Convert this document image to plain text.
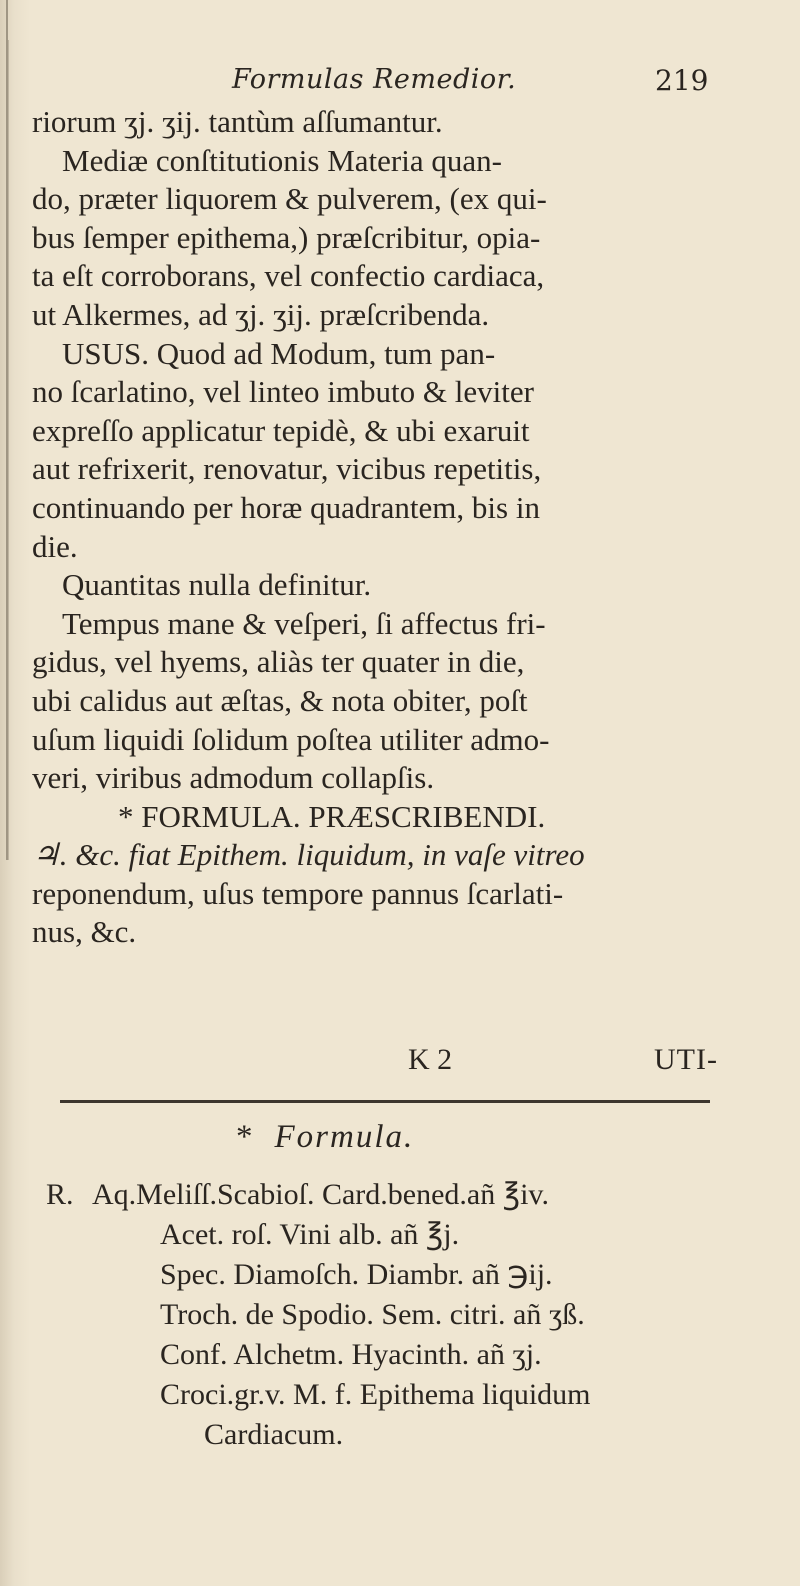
Formulas Remedior.	219
riorum ʒj. ʒij. tantùm aſſumantur.
Mediæ conſtitutionis Materia quan-
do, præter liquorem & pulverem, (ex qui-
bus ſemper epithema,) præſcribitur, opia-
ta eſt corroborans, vel confectio cardiaca,
ut Alkermes, ad ʒj. ʒij. præſcribenda.
USUS. Quod ad Modum, tum pan-
no ſcarlatino, vel linteo imbuto & leviter
expreſſo applicatur tepidè, & ubi exaruit
aut refrixerit, renovatur, vicibus repetitis,
continuando per horæ quadrantem, bis in
die.
Quantitas nulla definitur.
Tempus mane & veſperi, ſi affectus fri-
gidus, vel hyems, aliàs ter quater in die,
ubi calidus aut æſtas, & nota obiter, poſt
uſum liquidi ſolidum poſtea utiliter admo-
veri, viribus admodum collapſis.
* FORMULA. PRÆSCRIBENDI.
♃. &c. fiat Epithem. liquidum, in vaſe vitreo
reponendum, uſus tempore pannus ſcarlati-
nus, &c.
K 2	UTI-
* Formula.
R. Aq.Meliſſ.Scabioſ. Card.bened.añ ℥iv.
Acet. roſ. Vini alb. añ ℥j.
Spec. Diamoſch. Diambr. añ ℈ij.
Troch. de Spodio. Sem. citri. añ ʒß.
Conf. Alchetm. Hyacinth. añ ʒj.
Croci.gr.v. M. f. Epithema liquidum
Cardiacum.
